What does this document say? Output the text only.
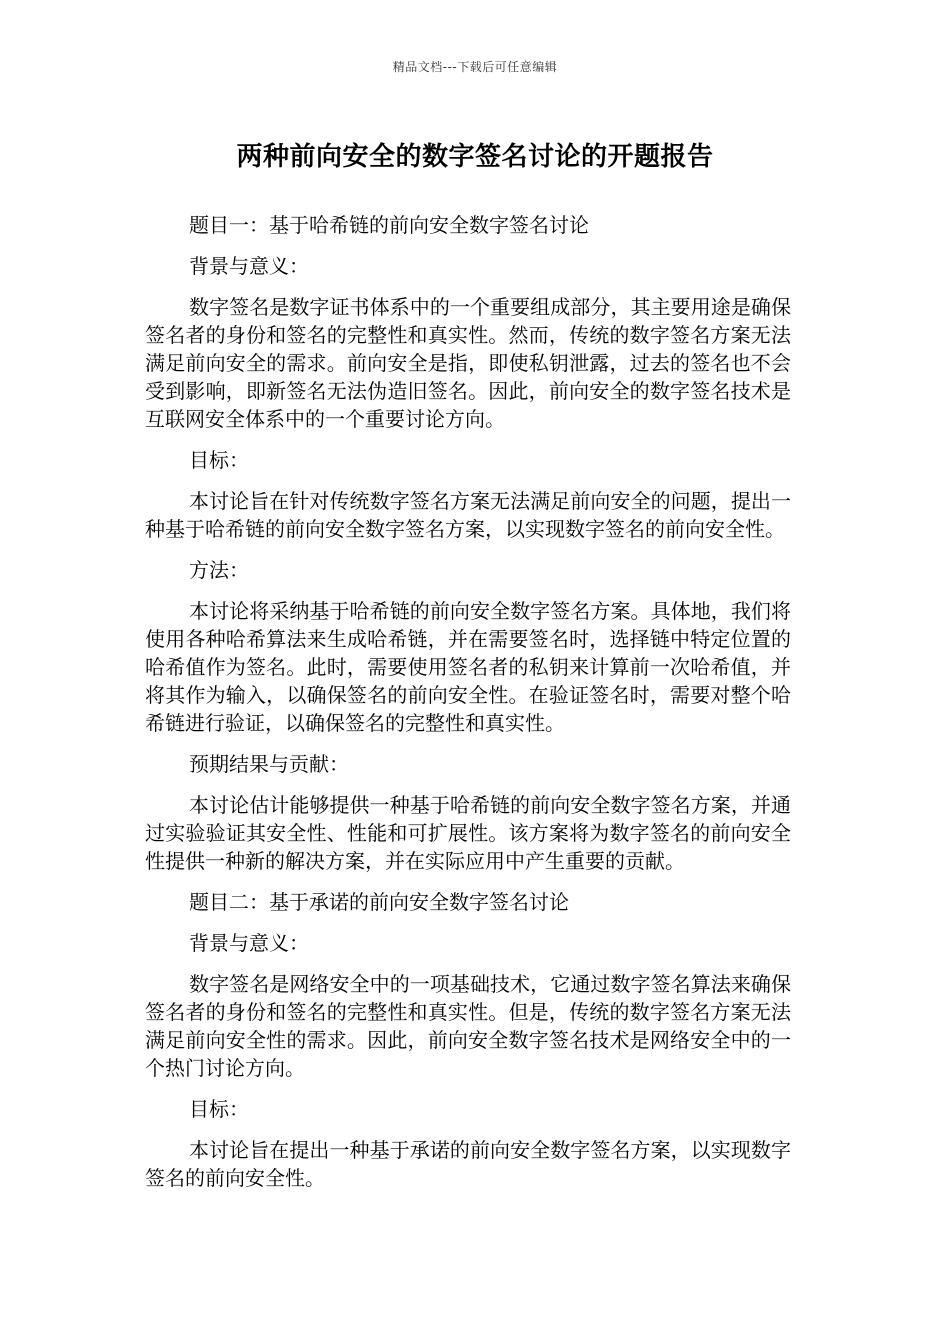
精品文档---下载后可任意编辑
两种前向安全的数字签名讨论的开题报告

题目一：基于哈希链的前向安全数字签名讨论

背景与意义：

数字签名是数字证书体系中的一个重要组成部分，其主要用途是确保签名者的身份和签名的完整性和真实性。然而，传统的数字签名方案无法满足前向安全的需求。前向安全是指，即使私钥泄露，过去的签名也不会受到影响，即新签名无法伪造旧签名。因此，前向安全的数字签名技术是互联网安全体系中的一个重要讨论方向。

目标：

本讨论旨在针对传统数字签名方案无法满足前向安全的问题，提出一种基于哈希链的前向安全数字签名方案，以实现数字签名的前向安全性。

方法：

本讨论将采纳基于哈希链的前向安全数字签名方案。具体地，我们将使用各种哈希算法来生成哈希链，并在需要签名时，选择链中特定位置的哈希值作为签名。此时，需要使用签名者的私钥来计算前一次哈希值，并将其作为输入，以确保签名的前向安全性。在验证签名时，需要对整个哈希链进行验证，以确保签名的完整性和真实性。

预期结果与贡献：

本讨论估计能够提供一种基于哈希链的前向安全数字签名方案，并通过实验验证其安全性、性能和可扩展性。该方案将为数字签名的前向安全性提供一种新的解决方案，并在实际应用中产生重要的贡献。

题目二：基于承诺的前向安全数字签名讨论

背景与意义：

数字签名是网络安全中的一项基础技术，它通过数字签名算法来确保签名者的身份和签名的完整性和真实性。但是，传统的数字签名方案无法满足前向安全性的需求。因此，前向安全数字签名技术是网络安全中的一个热门讨论方向。

目标：

本讨论旨在提出一种基于承诺的前向安全数字签名方案，以实现数字签名的前向安全性。
